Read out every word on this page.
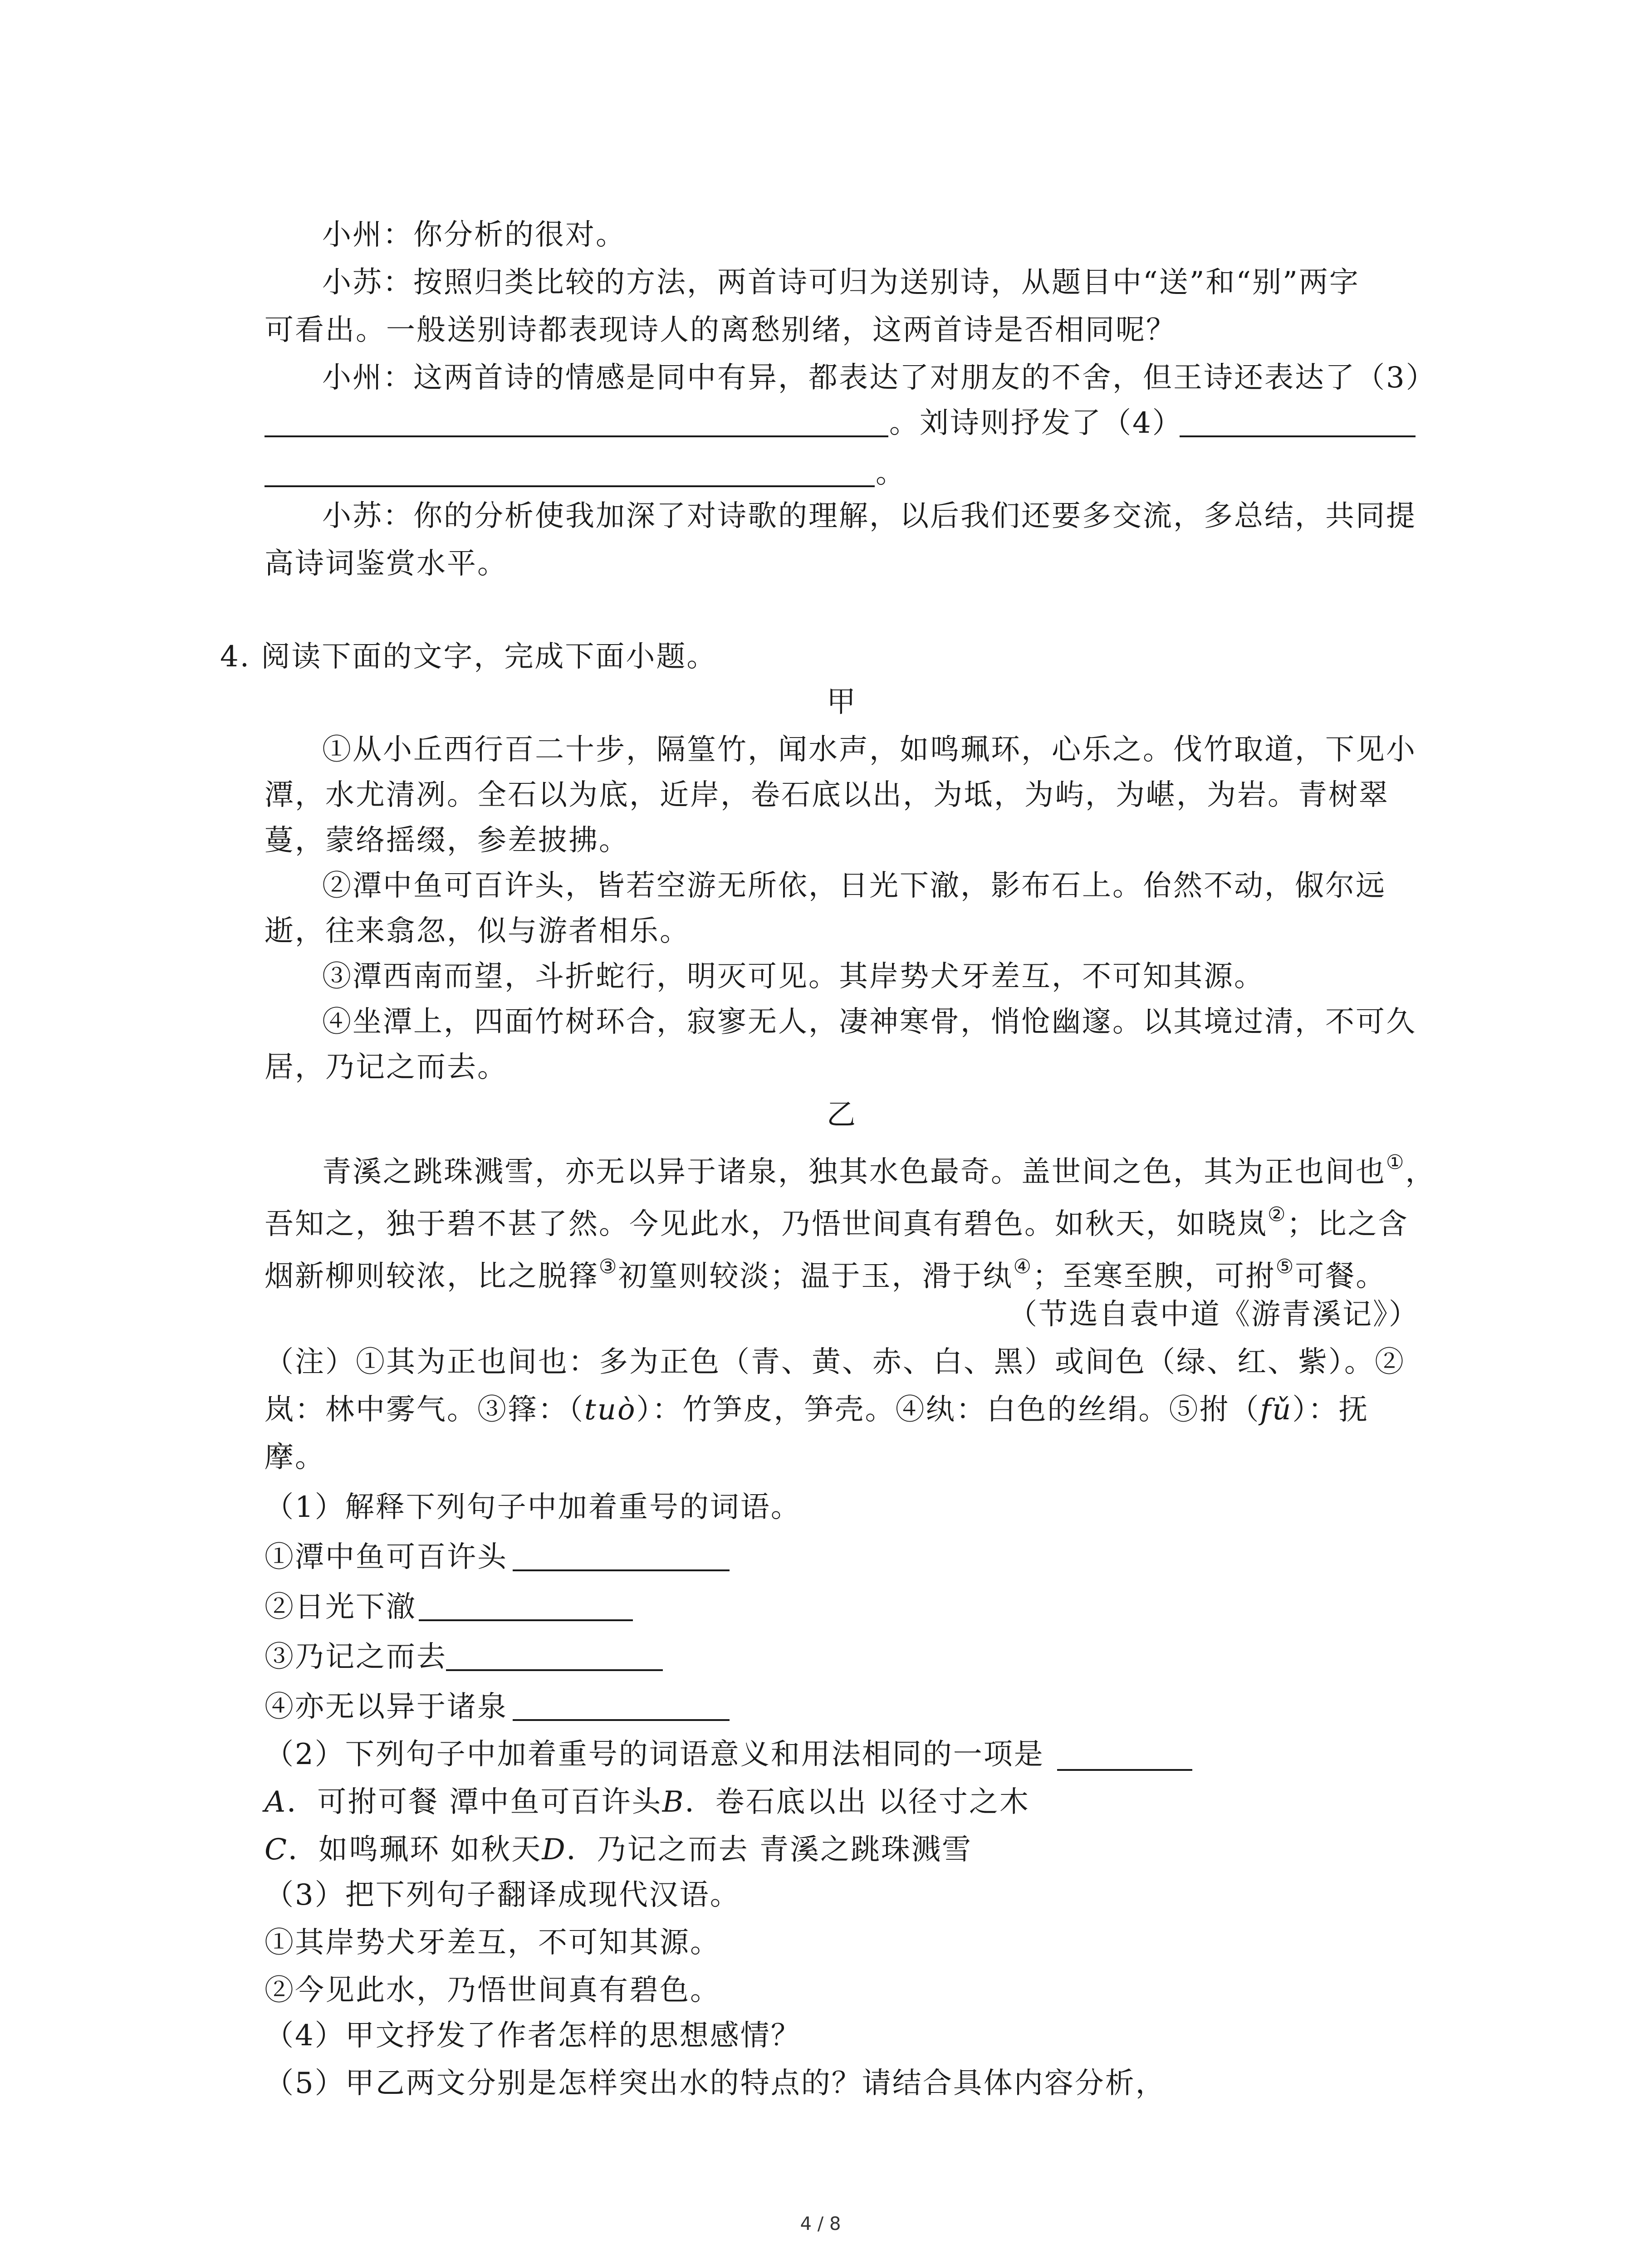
小州：你分析的很对。
小苏：按照归类比较的方法，两首诗可归为送别诗，从题目中“送”和“别”两字
可看出。一般送别诗都表现诗人的离愁别绪，这两首诗是否相同呢？
小州：这两首诗的情感是同中有异，都表达了对朋友的不舍，但王诗还表达了（3）
。刘诗则抒发了（4）
。
小苏：你的分析使我加深了对诗歌的理解，以后我们还要多交流，多总结，共同提
高诗词鉴赏水平。
4. 阅读下面的文字，完成下面小题。
甲
①从小丘西行百二十步，隔篁竹，闻水声，如鸣珮环，心乐之。伐竹取道，下见小
潭，水尤清冽。全石以为底，近岸，卷石底以出，为坻，为屿，为嵁，为岩。青树翠
蔓，蒙络摇缀，参差披拂。
②潭中鱼可百许头，皆若空游无所依，日光下澈，影布石上。佁然不动，俶尔远
逝，往来翕忽，似与游者相乐。
③潭西南而望，斗折蛇行，明灭可见。其岸势犬牙差互，不可知其源。
④坐潭上，四面竹树环合，寂寥无人，凄神寒骨，悄怆幽邃。以其境过清，不可久
居，乃记之而去。
乙
青溪之跳珠溅雪，亦无以异于诸泉，独其水色最奇。盖世间之色，其为正也间也①，
吾知之，独于碧不甚了然。今见此水，乃悟世间真有碧色。如秋天，如晓岚②；比之含
烟新柳则较浓，比之脱箨③初篁则较淡；温于玉，滑于纨④；至寒至腴，可拊⑤可餐。
（节选自袁中道《游青溪记》）
（注）①其为正也间也：多为正色（青、黄、赤、白、黑）或间色（绿、红、紫）。②
岚：林中雾气。③箨：（tuò）：竹笋皮，笋壳。④纨：白色的丝绢。⑤拊（fǔ）：抚
摩。
（1）解释下列句子中加着重号的词语。
①潭中鱼可百许头
②日光下澈
③乃记之而去
④亦无以异于诸泉
（2）下列句子中加着重号的词语意义和用法相同的一项是
A．可拊可餐 潭中鱼可百许头B．卷石底以出 以径寸之木
C．如鸣珮环 如秋天D．乃记之而去 青溪之跳珠溅雪
（3）把下列句子翻译成现代汉语。
①其岸势犬牙差互，不可知其源。
②今见此水，乃悟世间真有碧色。
（4）甲文抒发了作者怎样的思想感情？
（5）甲乙两文分别是怎样突出水的特点的？请结合具体内容分析，
4 / 8
